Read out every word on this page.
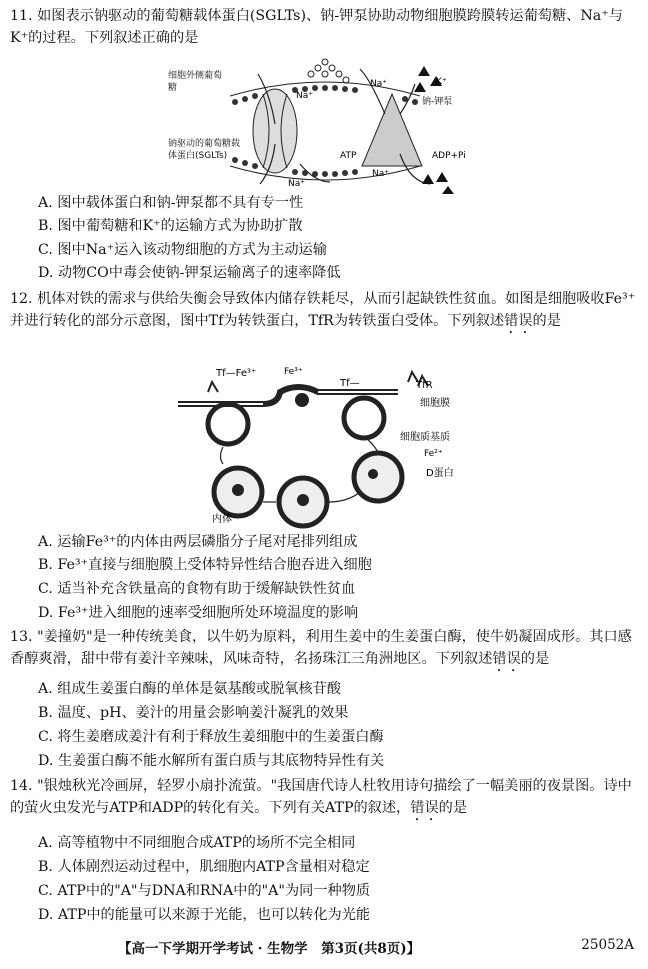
11. 如图表示钠驱动的葡萄糖载体蛋白(SGLTs)、钠-钾泵协助动物细胞膜跨膜转运葡萄糖、Na⁺与K⁺的过程。下列叙述正确的是
Na⁺
Na⁺
Na⁺
Na⁺
ATP	ADP+Pi
K⁺
钠-钾泵
细胞外侧葡萄糖
钠驱动的葡萄糖载体蛋白(SGLTs)
A. 图中载体蛋白和钠-钾泵都不具有专一性
B. 图中葡萄糖和K⁺的运输方式为协助扩散
C. 图中Na⁺运入该动物细胞的方式为主动运输
D. 动物CO中毒会使钠-钾泵运输离子的速率降低
12. 机体对铁的需求与供给失衡会导致体内储存铁耗尽，从而引起缺铁性贫血。如图是细胞吸收Fe³⁺并进行转化的部分示意图，图中Tf为转铁蛋白，TfR为转铁蛋白受体。下列叙述错误的是
Tf—Fe³⁺	Fe³⁺
Tf—	TfR
细胞膜
细胞质基质
Fe²⁺
D蛋白
内体
A. 运输Fe³⁺的内体由两层磷脂分子尾对尾排列组成
B. Fe³⁺直接与细胞膜上受体特异性结合胞吞进入细胞
C. 适当补充含铁量高的食物有助于缓解缺铁性贫血
D. Fe³⁺进入细胞的速率受细胞所处环境温度的影响
13. "姜撞奶"是一种传统美食，以牛奶为原料，利用生姜中的生姜蛋白酶，使牛奶凝固成形。其口感香醇爽滑，甜中带有姜汁辛辣味，风味奇特，名扬珠江三角洲地区。下列叙述错误的是
A. 组成生姜蛋白酶的单体是氨基酸或脱氧核苷酸
B. 温度、pH、姜汁的用量会影响姜汁凝乳的效果
C. 将生姜磨成姜汁有利于释放生姜细胞中的生姜蛋白酶
D. 生姜蛋白酶不能水解所有蛋白质与其底物特异性有关
14. "银烛秋光冷画屏，轻罗小扇扑流萤。"我国唐代诗人杜牧用诗句描绘了一幅美丽的夜景图。诗中的萤火虫发光与ATP和ADP的转化有关。下列有关ATP的叙述，错误的是
A. 高等植物中不同细胞合成ATP的场所不完全相同
B. 人体剧烈运动过程中，肌细胞内ATP含量相对稳定
C. ATP中的"A"与DNA和RNA中的"A"为同一种物质
D. ATP中的能量可以来源于光能，也可以转化为光能
【高一下学期开学考试 · 生物学　第3页(共8页)】	25052A
